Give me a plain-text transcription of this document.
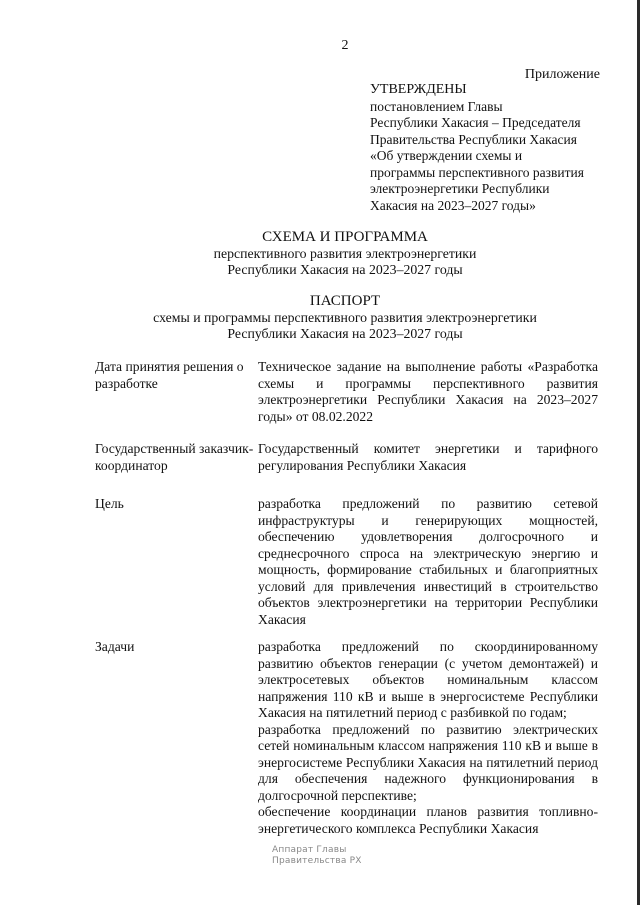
2
Приложение
УТВЕРЖДЕНЫ
постановлением Главы
Республики Хакасия – Председателя
Правительства Республики Хакасия
«Об утверждении схемы и
программы перспективного развития
электроэнергетики Республики
Хакасия на 2023–2027 годы»
СХЕМА И ПРОГРАММА
перспективного развития электроэнергетики
Республики Хакасия на 2023–2027 годы
ПАСПОРТ
схемы и программы перспективного развития электроэнергетики
Республики Хакасия на 2023–2027 годы
Дата принятия решения о разработке
Техническое задание на выполнение работы «Разработка схемы и программы перспективного развития электроэнергетики Республики Хакасия на 2023–2027 годы» от 08.02.2022
Государственный заказчик-координатор
Государственный комитет энергетики и тарифного регулирования Республики Хакасия
Цель	разработка предложений по развитию сетевой инфраструктуры и генерирующих мощностей, обеспечению удовлетворения долгосрочного и среднесрочного спроса на электрическую энергию и мощность, формирование стабильных и благоприятных условий для привлечения инвестиций в строительство объектов электроэнергетики на территории Республики Хакасия
Задачи	разработка предложений по скоординированному развитию объектов генерации (с учетом демонтажей) и электросетевых объектов номинальным классом напряжения 110 кВ и выше в энергосистеме Республики Хакасия на пятилетний период с разбивкой по годам;
разработка предложений по развитию электрических сетей номинальным классом напряжения 110 кВ и выше в энергосистеме Республики Хакасия на пятилетний период для обеспечения надежного функционирования в долгосрочной перспективе;
обеспечение координации планов развития топливно-энергетического комплекса Республики Хакасия
Аппарат Главы
Правительства РХ
